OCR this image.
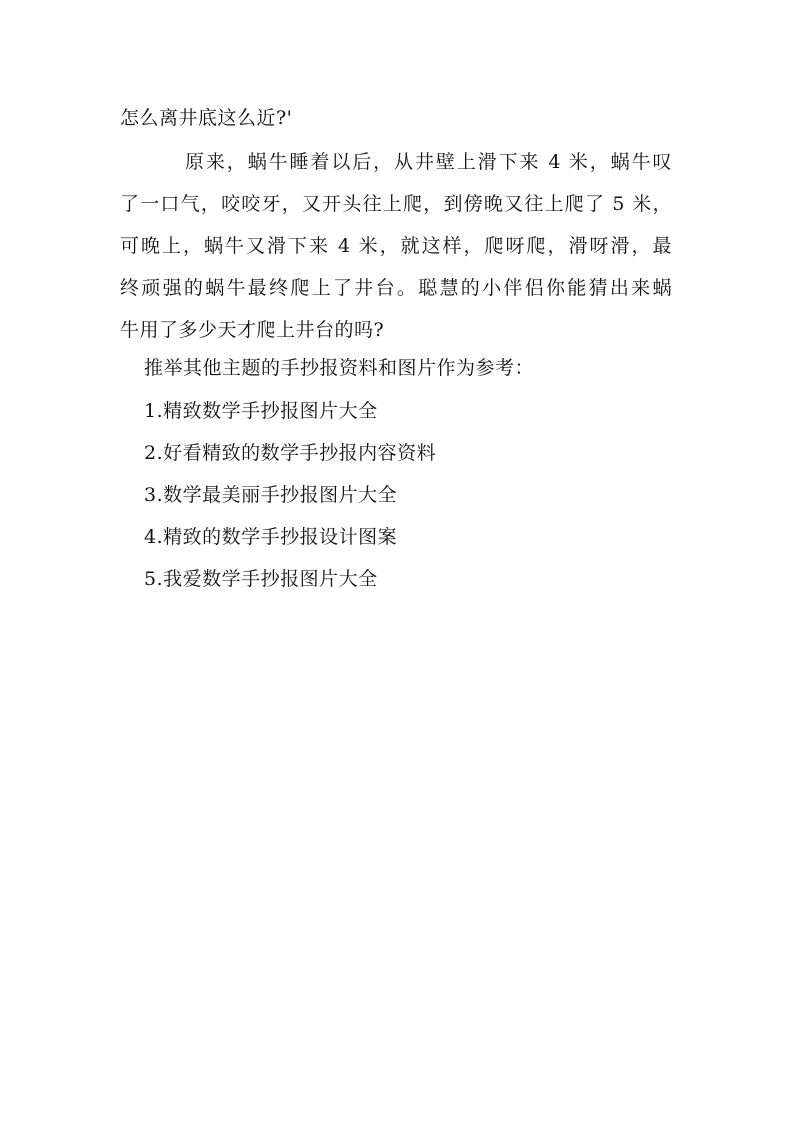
怎么离井底这么近?'
原来，蜗牛睡着以后，从井壁上滑下来 4 米，蜗牛叹
了一口气，咬咬牙，又开头往上爬，到傍晚又往上爬了 5 米，
可晚上，蜗牛又滑下来 4 米，就这样，爬呀爬，滑呀滑，最
终顽强的蜗牛最终爬上了井台。聪慧的小伴侣你能猜出来蜗
牛用了多少天才爬上井台的吗?
推举其他主题的手抄报资料和图片作为参考：
1.精致数学手抄报图片大全
2.好看精致的数学手抄报内容资料
3.数学最美丽手抄报图片大全
4.精致的数学手抄报设计图案
5.我爱数学手抄报图片大全
